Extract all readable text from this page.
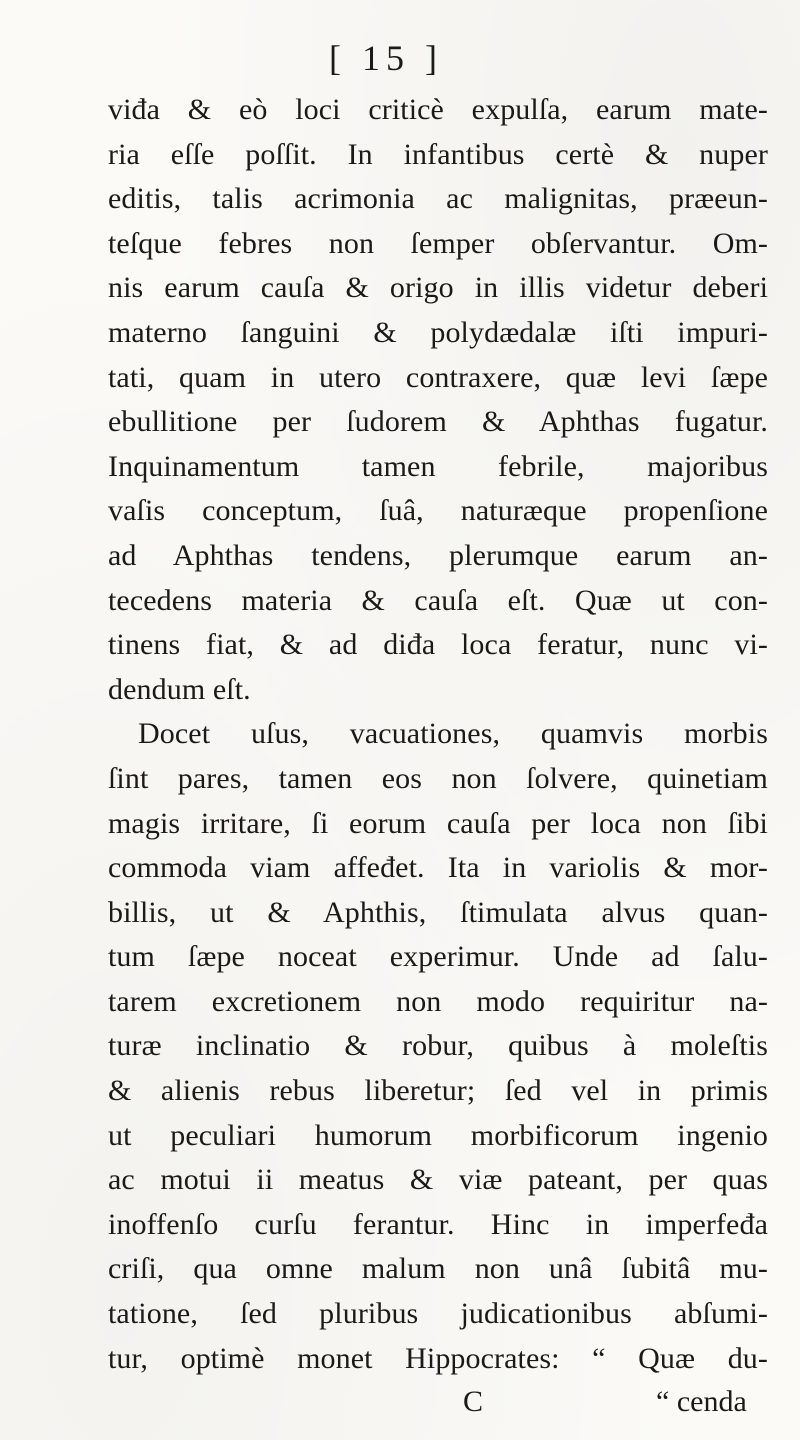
[ 15 ]
viđa & eò loci criticè expulſa, earum mate-
ria eſſe poſſit. In infantibus certè & nuper
editis, talis acrimonia ac malignitas, præeun-
teſque febres non ſemper obſervantur. Om-
nis earum cauſa & origo in illis videtur deberi
materno ſanguini & polydædalæ iſti impuri-
tati, quam in utero contraxere, quæ levi ſæpe
ebullitione per ſudorem & Aphthas fugatur.
Inquinamentum tamen febrile, majoribus
vaſis conceptum, ſuâ, naturæque propenſione
ad Aphthas tendens, plerumque earum an-
tecedens materia & cauſa eſt. Quæ ut con-
tinens fiat, & ad diđa loca feratur, nunc vi-
dendum eſt.
Docet uſus, vacuationes, quamvis morbis
ſint pares, tamen eos non ſolvere, quinetiam
magis irritare, ſi eorum cauſa per loca non ſibi
commoda viam affeđet. Ita in variolis & mor-
billis, ut & Aphthis, ſtimulata alvus quan-
tum ſæpe noceat experimur. Unde ad ſalu-
tarem excretionem non modo requiritur na-
turæ inclinatio & robur, quibus à moleſtis
& alienis rebus liberetur; ſed vel in primis
ut peculiari humorum morbificorum ingenio
ac motui ii meatus & viæ pateant, per quas
inoffenſo curſu ferantur. Hinc in imperfeđa
criſi, qua omne malum non unâ ſubitâ mu-
tatione, ſed pluribus judicationibus abſumi-
tur, optimè monet Hippocrates: “ Quæ du-
C	“ cenda
